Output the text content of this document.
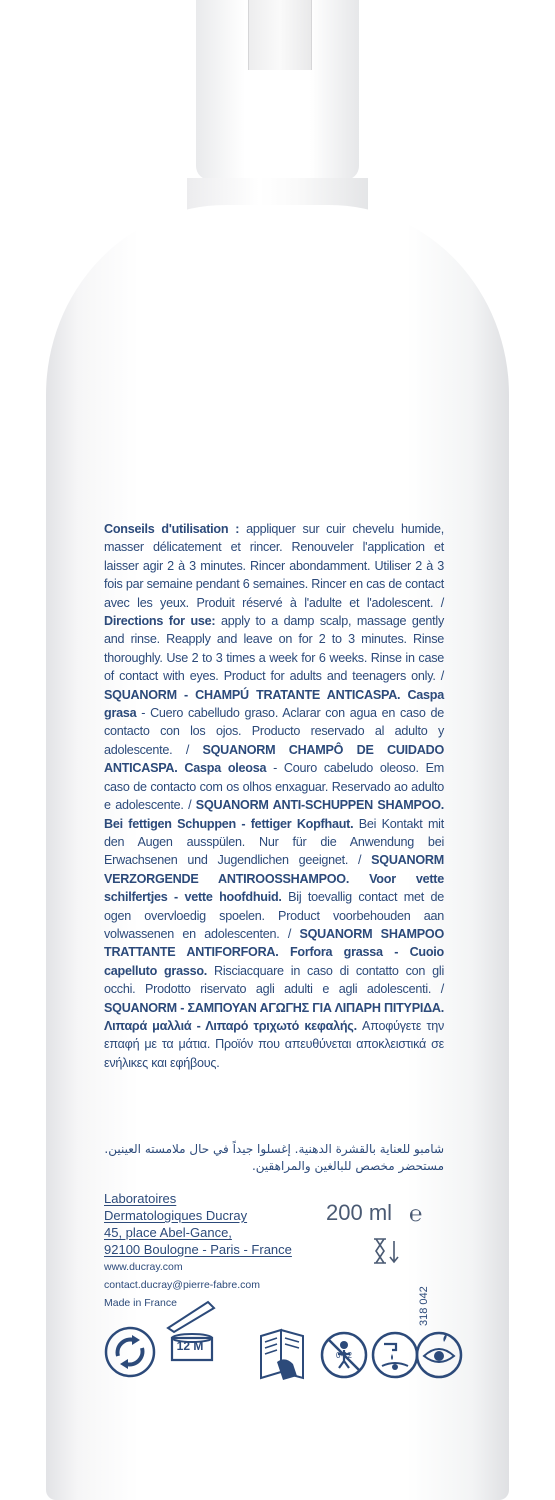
Conseils d'utilisation : appliquer sur cuir chevelu humide, masser délicatement et rincer. Renouveler l'application et laisser agir 2 à 3 minutes. Rincer abondamment. Utiliser 2 à 3 fois par semaine pendant 6 semaines. Rincer en cas de contact avec les yeux. Produit réservé à l'adulte et l'adolescent. / Directions for use: apply to a damp scalp, massage gently and rinse. Reapply and leave on for 2 to 3 minutes. Rinse thoroughly. Use 2 to 3 times a week for 6 weeks. Rinse in case of contact with eyes. Product for adults and teenagers only. / SQUANORM - CHAMPÚ TRATANTE ANTICASPA. Caspa grasa - Cuero cabelludo graso. Aclarar con agua en caso de contacto con los ojos. Producto reservado al adulto y adolescente. / SQUANORM CHAMPÔ DE CUIDADO ANTICASPA. Caspa oleosa - Couro cabeludo oleoso. Em caso de contacto com os olhos enxaguar. Reservado ao adulto e adolescente. / SQUANORM ANTI-SCHUPPEN SHAMPOO. Bei fettigen Schuppen - fettiger Kopfhaut. Bei Kontakt mit den Augen ausspülen. Nur für die Anwendung bei Erwachsenen und Jugendlichen geeignet. / SQUANORM VERZORGENDE ANTIROOSSHAMPOO. Voor vette schilfertjes - vette hoofdhuid. Bij toevallig contact met de ogen overvloedig spoelen. Product voorbehouden aan volwassenen en adolescenten. / SQUANORM SHAMPOO TRATTANTE ANTIFORFORA. Forfora grassa - Cuoio capelluto grasso. Risciacquare in caso di contatto con gli occhi. Prodotto riservato agli adulti e agli adolescenti. / SQUANORM - ΣΑΜΠΟΥΑΝ ΑΓΩΓΗΣ ΓΙΑ ΛΙΠΑΡΗ ΠΙΤΥΡΙΔΑ. Λιπαρά μαλλιά - Λιπαρό τριχωτό κεφαλής. Αποφύγετε την επαφή με τα μάτια. Προϊόν που απευθύνεται αποκλειστικά σε ενήλικες και εφήβους.

شامبو للعناية بالقشرة الدهنية. إغسلوا جيداً في حال ملامسته العينين. مستحضر مخصص للبالغين والمراهقين.
Laboratoires
Dermatologiques Ducray
45, place Abel-Gance,
92100 Boulogne - Paris - France
www.ducray.com
contact.ducray@pierre-fabre.com
Made in France
200 ml ℮
318 042
12 M
0-12
